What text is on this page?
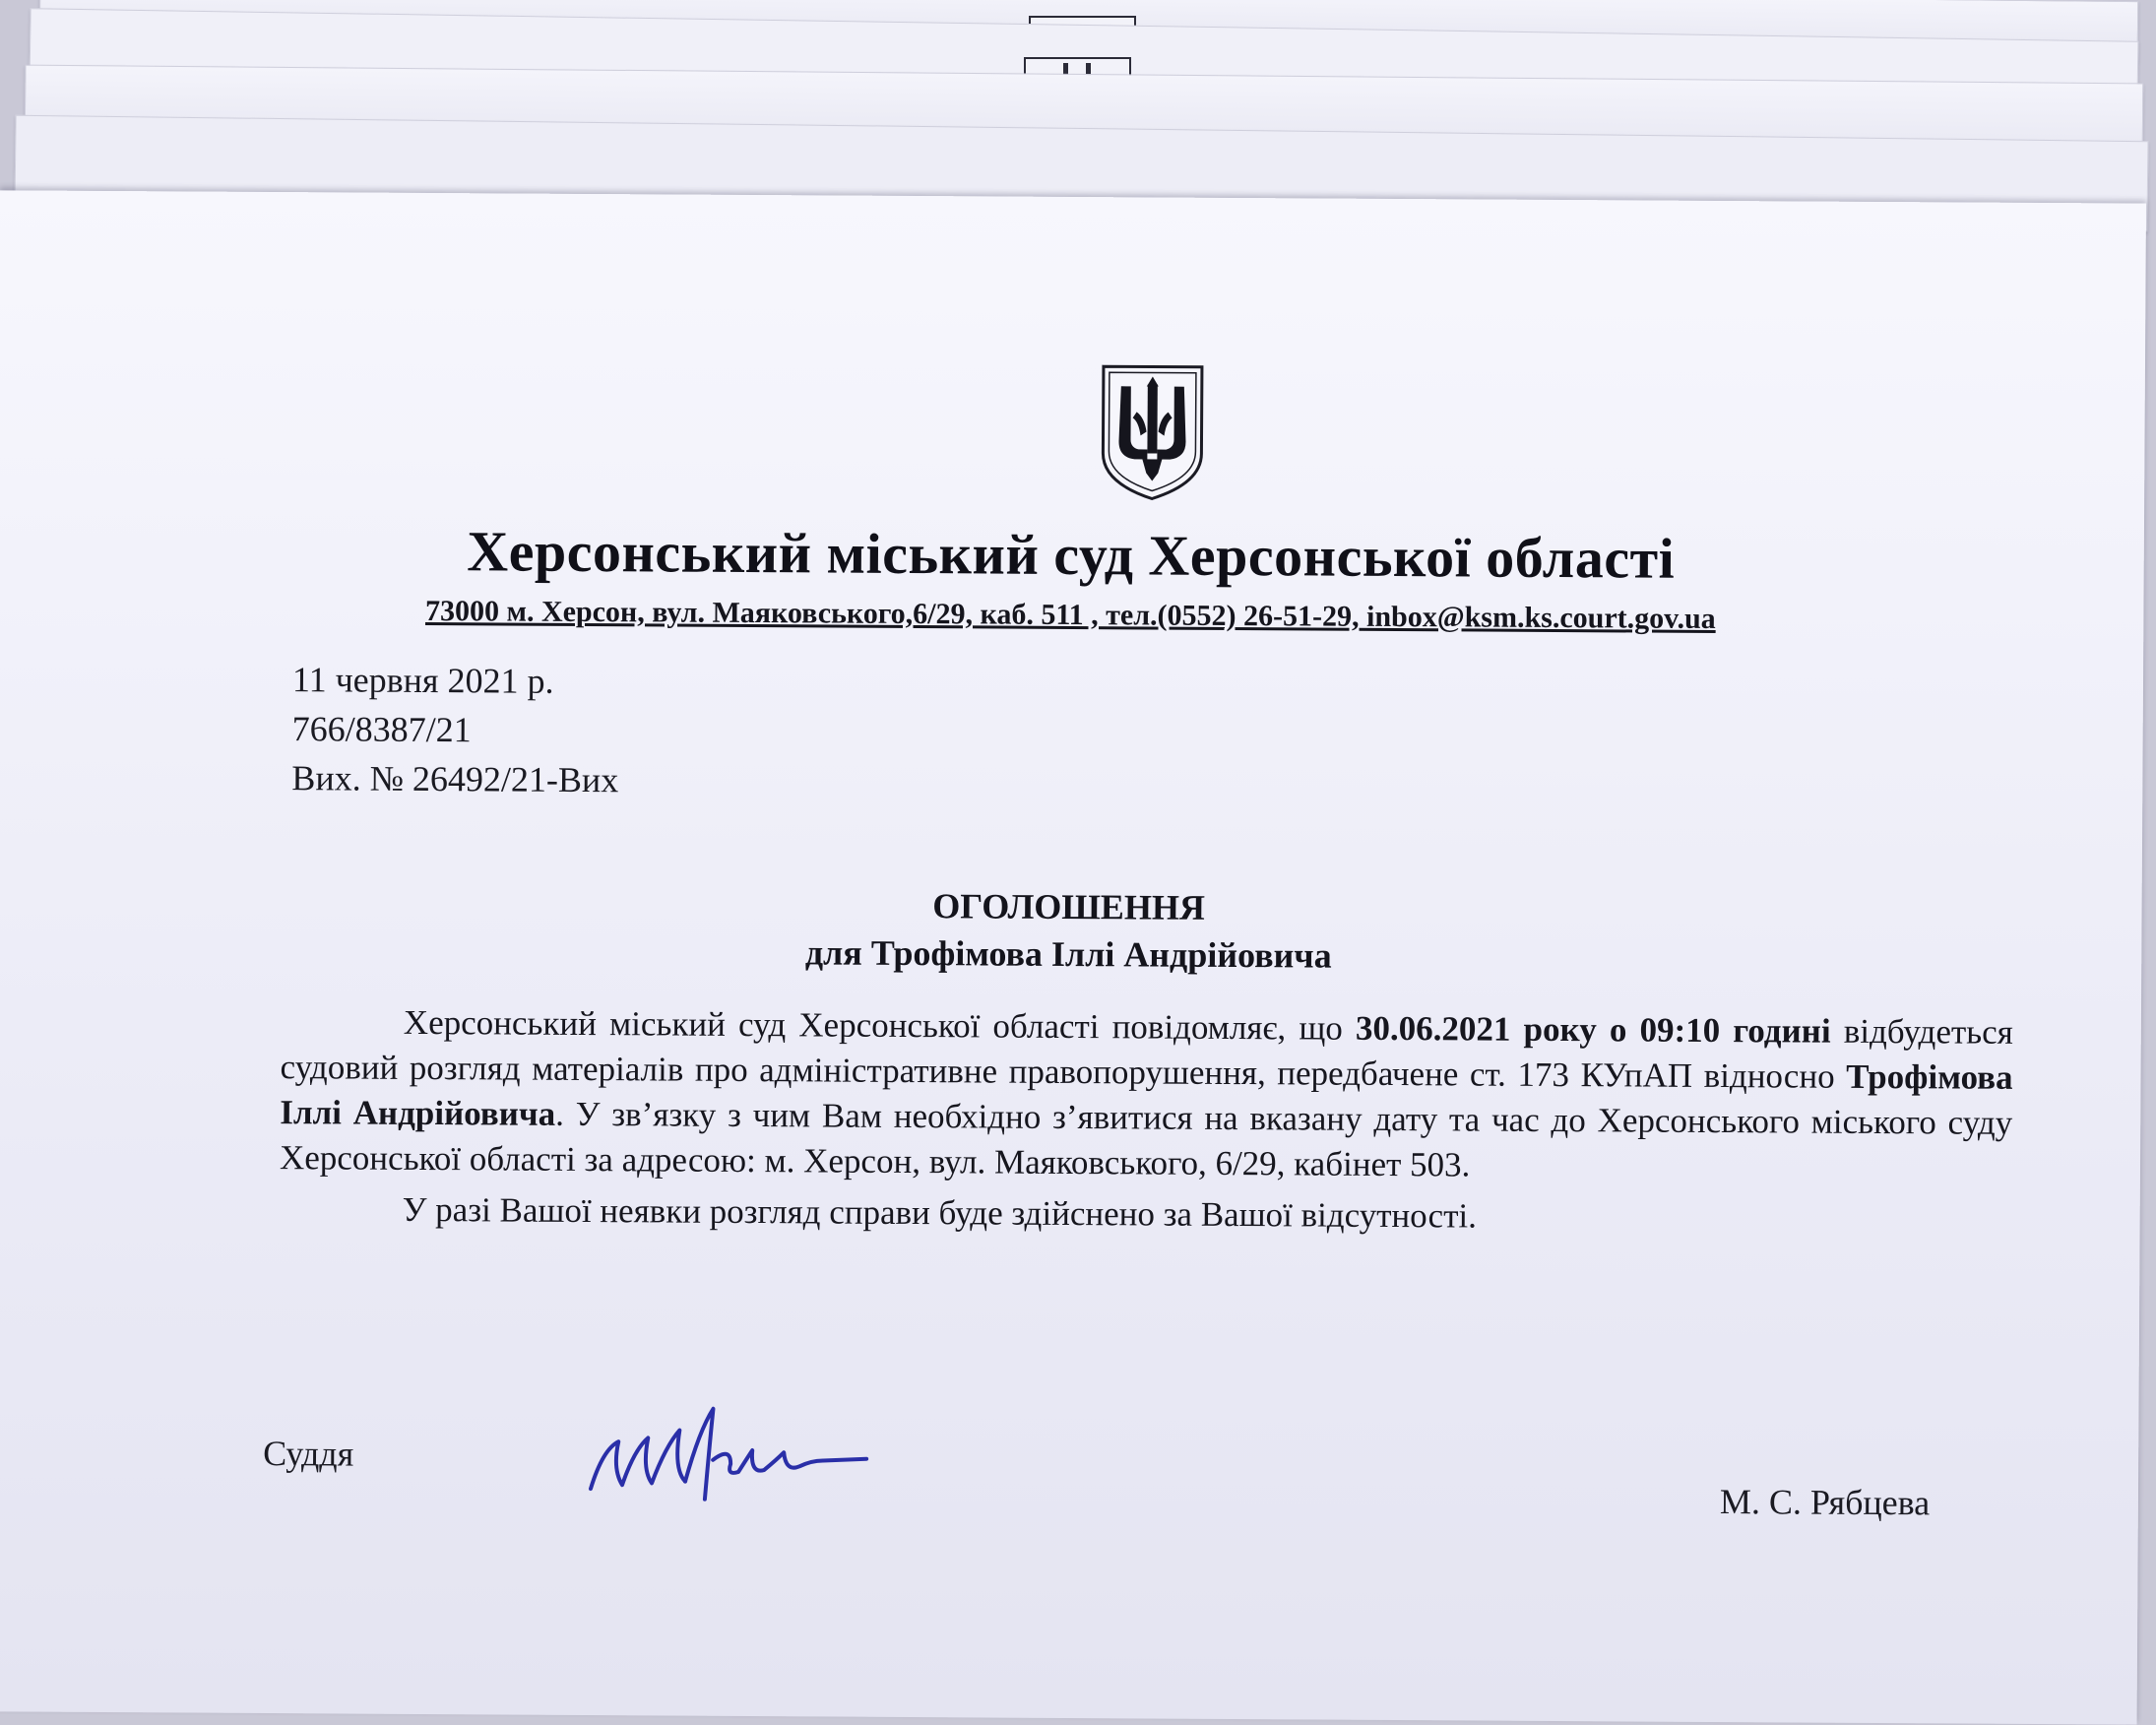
Херсонський міський суд Херсонської області
73000 м. Херсон, вул. Маяковського,6/29, каб. 511 , тел.(0552) 26-51-29, inbox@ksm.ks.court.gov.ua
11 червня 2021 р.
766/8387/21
Вих. № 26492/21-Вих
ОГОЛОШЕННЯ
для Трофімова Іллі Андрійовича

Херсонський міський суд Херсонської області повідомляє, що 30.06.2021 року о 09:10 годині відбудеться судовий розгляд матеріалів про адміністративне правопорушення, передбачене ст. 173 КУпАП відносно Трофімова Іллі Андрійовича. У зв’язку з чим Вам необхідно з’явитися на вказану дату та час до Херсонського міського суду Херсонської області за адресою: м. Херсон, вул. Маяковського, 6/29, кабінет 503.

У разі Вашої неявки розгляд справи буде здійснено за Вашої відсутності.

Суддя
М. С. Рябцева
